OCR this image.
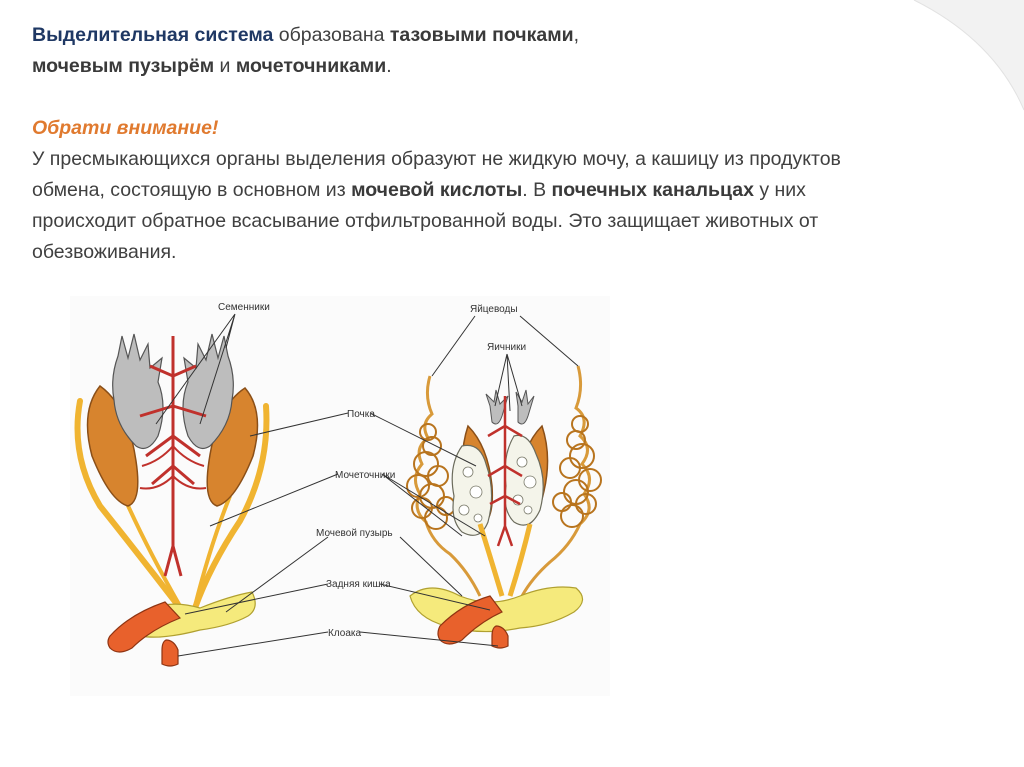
Выделительная система образована тазовыми почками,
мочевым пузырём и мочеточниками.

Обрати внимание!

У пресмыкающихся органы выделения образуют не жидкую мочу, а кашицу из продуктов обмена, состоящую в основном из мочевой кислоты. В почечных канальцах у них происходит обратное всасывание отфильтрованной воды. Это защищает животных от обезвоживания.

Семенники	Яйцеводы
Яичники
Почка
Мочеточники
Мочевой пузырь
Задняя кишка
Клоака
